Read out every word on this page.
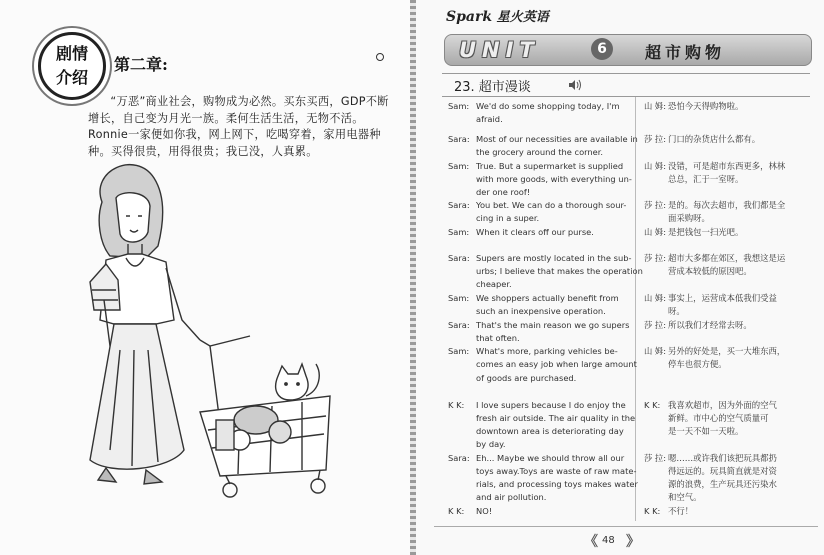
剧情
介绍
第二章:
“万恶”商业社会，购物成为必然。买东买西，GDP不断增长，自己变为月光一族。柔何生活生活，无物不活。Ronnie一家便如你我，网上网下，吃喝穿着，家用电器种种。买得很贵，用得很贵；我已没，人真累。
Spark 星火英语
UNIT	6	超市购物
23. 超市漫谈
Sam: We'd do some shopping today, I'm
afraid.
Sara: Most of our necessities are available in
the grocery around the corner.
Sam: True. But a supermarket is supplied
with more goods, with everything un-
der one roof!
Sara: You bet. We can do a thorough sour-
cing in a super.
Sam: When it clears off our purse.
Sara: Supers are mostly located in the sub-
urbs; I believe that makes the operation
cheaper.
Sam: We shoppers actually benefit from
such an inexpensive operation.
Sara: That's the main reason we go supers
that often.
Sam: What's more, parking vehicles be-
comes an easy job when large amount
of goods are purchased.
K K: I love supers because I do enjoy the
fresh air outside. The air quality in the
downtown area is deteriorating day
by day.
Sara: Eh... Maybe we should throw all our
toys away.Toys are waste of raw mate-
rials, and processing toys makes water
and air pollution.
K K: NO!
山 姆: 恐怕今天得购物啦。
莎 拉: 门口的杂货店什么都有。
山 姆: 没错，可是超市东西更多，林林
总总，汇于一室呀。
莎 拉: 是的。每次去超市，我们都是全
面采购呀。
山 姆: 是把钱包一扫光吧。
莎 拉: 超市大多都在郊区，我想这是运
营成本较低的原因吧。
山 姆: 事实上，运营成本低我们受益
呀。
莎 拉: 所以我们才经常去呀。
山 姆: 另外的好处是，买一大堆东西，
停车也很方便。
K K: 我喜欢超市，因为外面的空气
新鲜。市中心的空气质量可
是一天不如一天啦。
莎 拉: 嗯……或许我们该把玩具都扔
得远远的。玩具简直就是对资
源的浪费，生产玩具还污染水
和空气。
K K: 不行！
《 48 》
